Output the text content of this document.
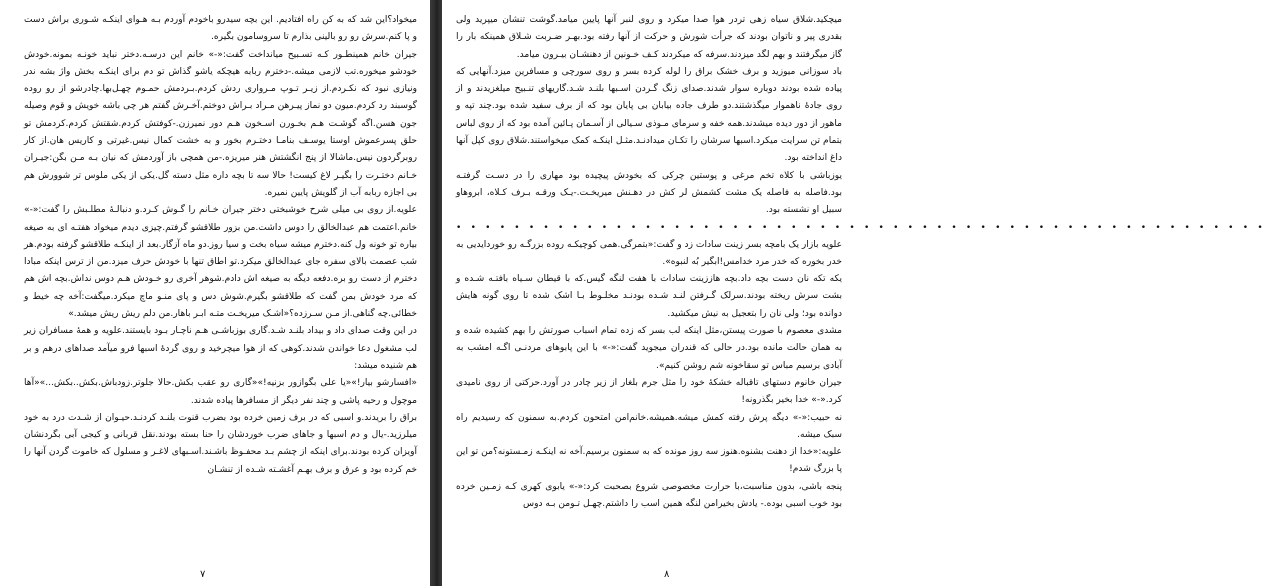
میخواد؟این شد که به کن راه افتادیم. این بچه سیدرو باخودم آوردم بـه هـوای اینکـه شـوری براش دست و پا کنم.سرش رو رو بالینی بذارم تا سروسامون بگیره.

جیران خانم همینطـور کـه تسـبیح میانداخت گفت:«-» خانم این درسـه.دختر نباید خونـه بمونه.خودش خودشو میخوره.تب لازمی میشه.-دخترم ربابه هیچکه یاشو گذاش تو دم برای اینکـه بخش واژ بشه ندر ونیازی نبود که نکـردم.از زیـر تـوپ مـرواری ردش کردم.بـردمش حمـوم چهـل‌بها.چادرشو از رو روده گوسبند رد کردم.میون دو نماز پیـرهن مـراد بـراش دوختم.آخـرش گفتم هر چی باشه خویش و قوم وصیله جون هسن.اگه گوشـت هـم بخـورن اسـخون هـم دور نمیرزن.-کوفتش کردم.شقتش کردم.کردمش تو حلق پسرعموش اوستا یوسـف بنامـا دختـرم بخور و به خشت کمال نیس.غیرتی و کاریس هان.از کار روبرگردون نیس.ماشالا از پنج انگشتش هنر میریزه.-من همچی باز آوردمش که نیان بـه مـن بگن:جیـران خـانم دختـرت را بگیـر لاغ کیست! حالا سه تا بچه داره مثل دسته گل.یکی از یکی ملوس تر شوورش هم بی اجازه ربابه آب از گلویش پایین نمیره.

علویه.از روی بی میلی شرح خوشبختی دختر جیران خـانم را گـوش کـرد.و دنبالـهٔ مطلـبش را گفت:«-» خانم.اعتمت هم عبدالخالق را دوس داشت.من بزور طلاقشو گرفتم.چیزی دیدم میخواد هفتـه ای به صیغه بیاره تو خونه ول کنه.دخترم میشه سیاه بخت و سیا روز.دو ماه آزگار.بعد از اینکـه طلاقشو گرفته بودم.هر شب عصمت بالای سفره جای عبدالخالق میکرد.تو اطاق تنها با خودش حرف میزد.من از ترس اینکه مبادا دخترم از دست رو بره.دفعه دیگه به صیغه اش دادم.شوهر آخری رو خـودش هـم دوس نداش.بچه اش هم که مرد خودش بمن گفت که طلاقشو بگیرم.شوش دس و پای منـو ماچ میکرد.میگفت:آخه چه خیط و خطائی.چه گناهی.از مـن سـرزده؟«اشـک میریخـت متـه ابـر باهار.من دلم ریش ریش میشد.»

در این وقت صدای داد و بیداد بلنـد شـد.گاری بوزباشـی هـم ناچـار بـود بایستند.علویه و همهٔ مسافران زیر لب مشغول دعا خواندن شدند.کوهی که از هوا میچرخید و روی گردهٔ اسبها فرو میآمد صداهای درهم و بر هم شنیده میشد:

«افسارشو بیار!»«یا علی بگوازور بزنیه!»«گاری رو عقب بکش.حالا جلوتر.زودباش.بکش..بکش...»«آها موچول و رحیه پاشی و چند نفر دیگر از مسافرها پیاده شدند.

براق را بریدند.و اسبی که در برف زمین خرده بود بضرب قنوت بلنـد کردنـد.حیـوان از شـدت درد به خود میلرزید.-یال و دم اسبها و جاهای ضرب خوردشان را حنا بسته بودند.نقل قربانی و کیجی آبی بگردنشان آویزان کرده بودند.برای اینکه از چشم بـد محفـوظ باشـند.اسـبهای لاغـر و مسلول که خاموت گردن آنها را خم کرده بود و عرق و برف بهـم آغشـته شـده از تنشـان

۷

میچکید.شلاق سیاه زهی تردر هوا صدا میکرد و روی لنبر آنها پایین میامد.گوشت تنشان میپرید ولی بقدری پیر و ناتوان بودند که جرأت شورش و حرکت از آنها رفته بود.بهـر ضـربت شـلاق همینکه بار را گاز میگرفتند و بهم لگد میزدند.سرفه که میکردند کـف خـونین از دهنشـان بیـرون میامد.

باد سوزانی میوزید و برف خشک براق را لوله کرده بسر و روی سورچی و مسافرین میزد.آنهایی که پیاده شده بودند دوباره سوار شدند.صدای زنگ گـردن اسـبها بلنـد شـد.گاریهای تنـبیح میلغزیدند و از روی جادهٔ ناهموار میگذشتند.دو طرف جاده بیابان بی پایان بود که از برف سفید شده بود.چند تپه و ماهور از دور دیده میشدند.همه خفه و سرمای مـوذی سـیالی از آسـمان پـائین آمده بود که از روی لباس بتمام تن سرایت میکرد.اسبها سرشان را تکـان میدادنـد.مثـل اینکـه کمک میخواستند.شلاق روی کپل آنها داغ انداخته بود.

یوزباشی با کلاه تخم مرغی و پوستین چرکی که بخودش پیچیده بود مهاری را در دسـت گرفتـه بود.فاصله به فاصله یک مشت کشمش لر کش در دهـنش میریخـت.-یـک ورقـه بـرف کـلاه، ابروهاو سبیل او نشسته بود.

• • • • • • • • • • • • • • • • • • • • • • • • • • • • • • • • • • • • • • • • • • • • • • • • • • • • • • • •

علویه بازار یک بامچه بسر زینت سادات زد و گفت:«بتمرگی.همی کوچیکـه روده بزرگـه رو خوردایدیی به خدر بخوره که خدر مرد خدامس!ابگیر بُه لنبوه».

یکه تکه نان دست بچه داد.بچه هاززینت سادات با هفت لنگه گیس.که با قیطان سـیاه بافتـه شـده و بشت سرش ریخته بودند.سرلک گـرفتن لنـد شـده بودنـد مخلـوط بـا اشک شده تا روی گونه هایش دوانده بود؛ ولی نان را بتعجیل به نیش میکشید.

مشدی معصوم با صورت پیستن،مثل اینکه لب بسر که زده تمام اسباب صورتش را بهم کشیده شده و به همان حالت مانده بود.در حالی که قندران میجوید گفت:«-» با این پابوهای مردنـی اگـه امشب به آبادی برسیم مباس تو سقاخونه شم روشن کنیم».

جیران خانوم دستهای تاقباله خشکهٔ خود را مثل جرم بلغار از زیر چادر در آورد.حرکتی از روی نامیدی کرد.«-» خدا بخیر بگذرونه!

نه حبیب:«-» دیگه پرش رفته کمش میشه.همیشه.خانم‌امن امتحون کردم.به سمنون که رسیدیم راه سبک میشه.

علویه:«خدا از دهنت بشنوه.هنوز سه روز مونده که به سمنون برسیم.آخه نه اینکـه زمـستونه؟من تو این پا بزرگ شدم!

پنجه باشی، بدون مناسبت،با حرارت مخصوصی شروع بصحبت کرد:«-» یابوی کهری کـه زمـین خرده بود خوب اسبی بوده.- یادش بخیرامن لنگه همین اسب را داشتم.چهـل تـومن بـه دوس

۸
